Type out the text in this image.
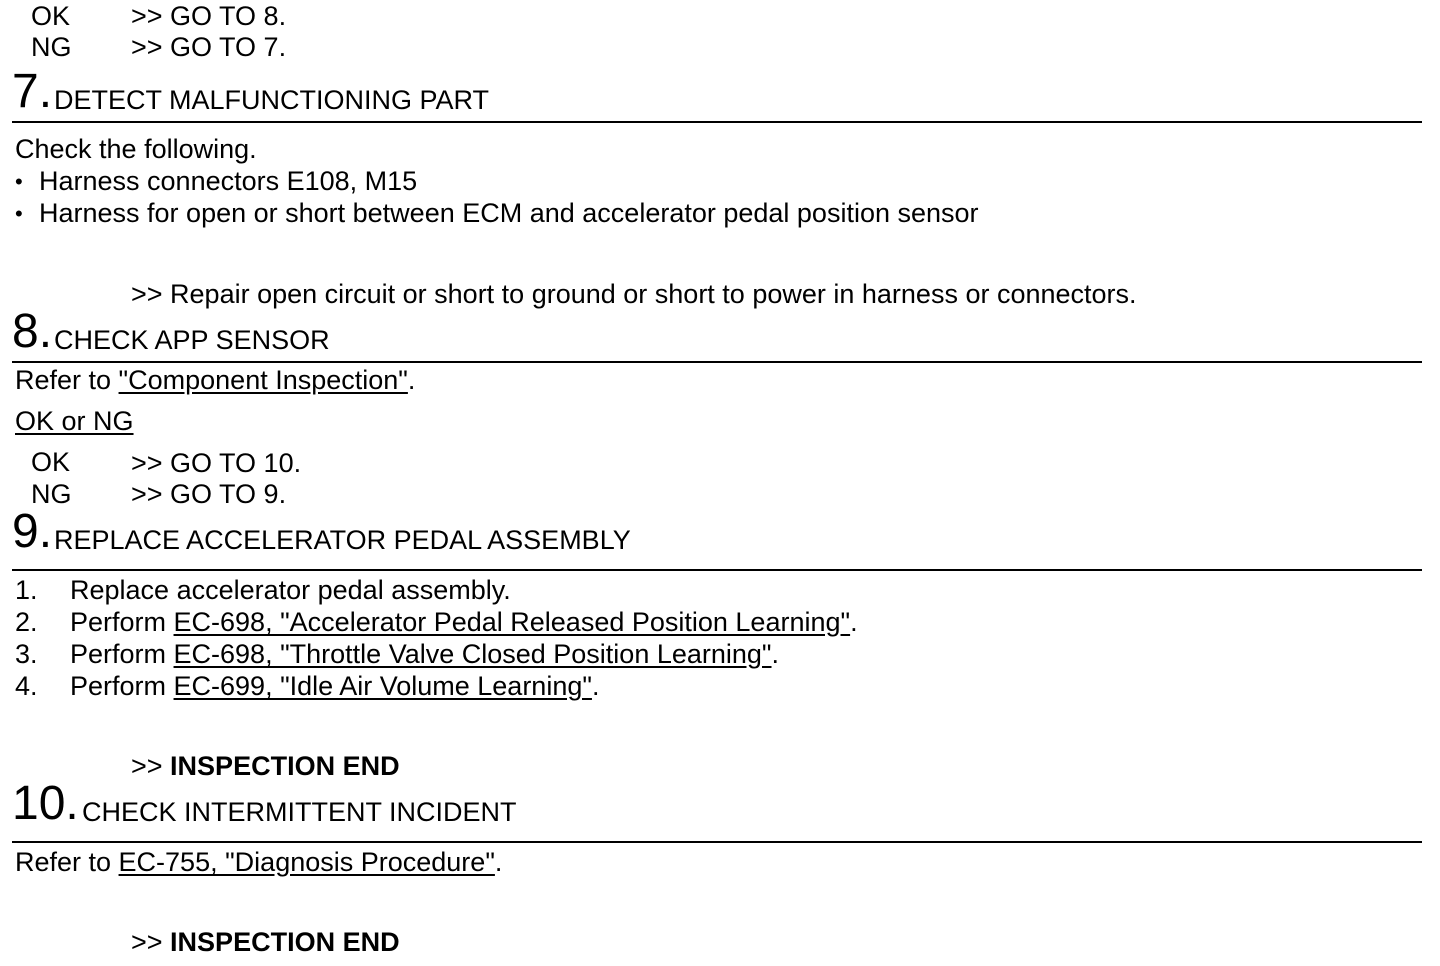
OK >> GO TO 8.
NG >> GO TO 7.
7. DETECT MALFUNCTIONING PART
Check the following.
• Harness connectors E108, M15
• Harness for open or short between ECM and accelerator pedal position sensor
>> Repair open circuit or short to ground or short to power in harness or connectors.
8. CHECK APP SENSOR
Refer to "Component Inspection".
OK or NG
OK >> GO TO 10.
NG >> GO TO 9.
9. REPLACE ACCELERATOR PEDAL ASSEMBLY
1. Replace accelerator pedal assembly.
2. Perform EC-698, "Accelerator Pedal Released Position Learning".
3. Perform EC-698, "Throttle Valve Closed Position Learning".
4. Perform EC-699, "Idle Air Volume Learning".
>> INSPECTION END
10. CHECK INTERMITTENT INCIDENT
Refer to EC-755, "Diagnosis Procedure".
>> INSPECTION END
